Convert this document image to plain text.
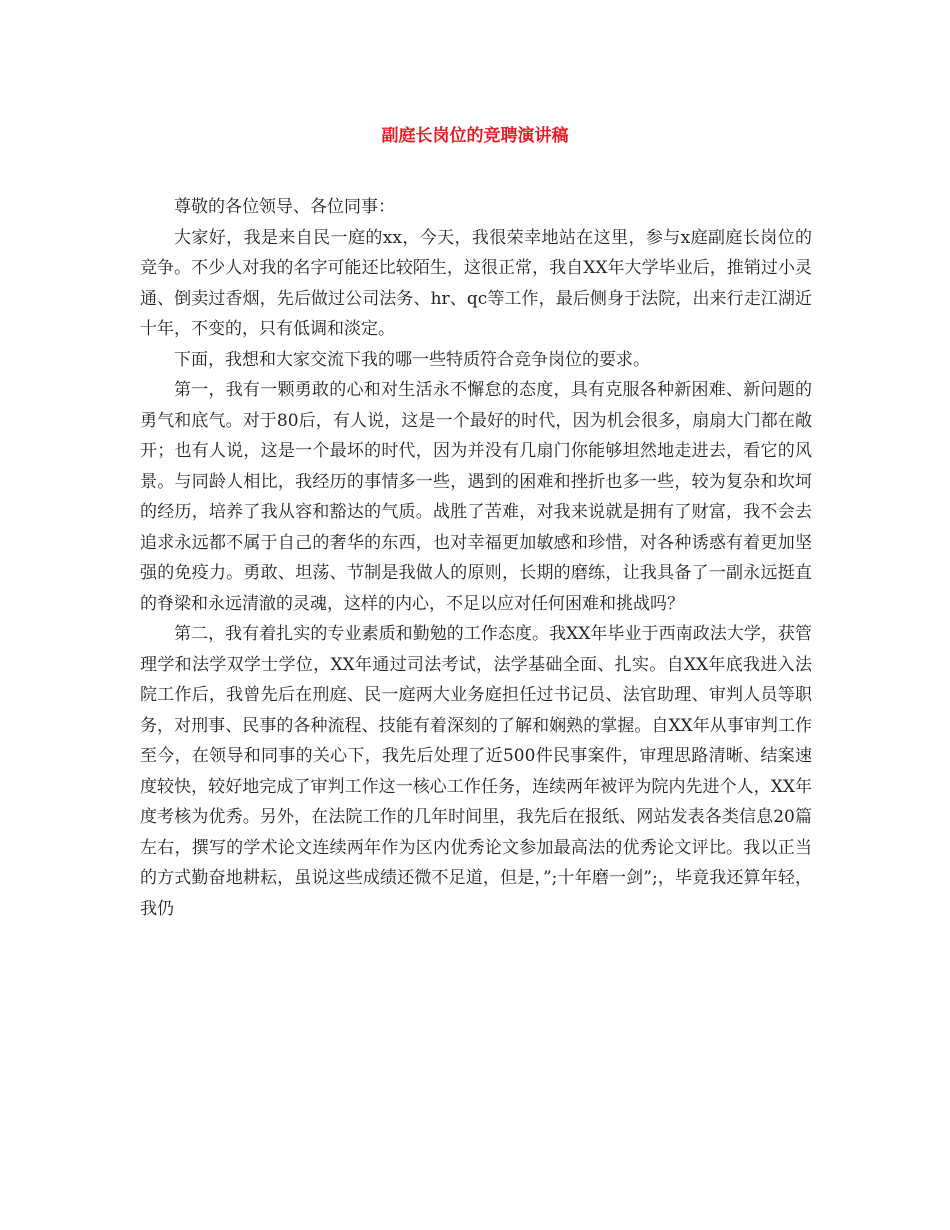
副庭长岗位的竞聘演讲稿

尊敬的各位领导、各位同事：

大家好，我是来自民一庭的xx，今天，我很荣幸地站在这里，参与x庭副庭长岗位的竞争。不少人对我的名字可能还比较陌生，这很正常，我自XX年大学毕业后，推销过小灵通、倒卖过香烟，先后做过公司法务、hr、qc等工作，最后侧身于法院，出来行走江湖近十年，不变的，只有低调和淡定。

下面，我想和大家交流下我的哪一些特质符合竞争岗位的要求。

第一，我有一颗勇敢的心和对生活永不懈怠的态度，具有克服各种新困难、新问题的勇气和底气。对于80后，有人说，这是一个最好的时代，因为机会很多，扇扇大门都在敞开；也有人说，这是一个最坏的时代，因为并没有几扇门你能够坦然地走进去，看它的风景。与同龄人相比，我经历的事情多一些，遇到的困难和挫折也多一些，较为复杂和坎坷的经历，培养了我从容和豁达的气质。战胜了苦难，对我来说就是拥有了财富，我不会去追求永远都不属于自己的奢华的东西，也对幸福更加敏感和珍惜，对各种诱惑有着更加坚强的免疫力。勇敢、坦荡、节制是我做人的原则，长期的磨练，让我具备了一副永远挺直的脊梁和永远清澈的灵魂，这样的内心，不足以应对任何困难和挑战吗？

第二，我有着扎实的专业素质和勤勉的工作态度。我XX年毕业于西南政法大学，获管理学和法学双学士学位，XX年通过司法考试，法学基础全面、扎实。自XX年底我进入法院工作后，我曾先后在刑庭、民一庭两大业务庭担任过书记员、法官助理、审判人员等职务，对刑事、民事的各种流程、技能有着深刻的了解和娴熟的掌握。自XX年从事审判工作至今，在领导和同事的关心下，我先后处理了近500件民事案件，审理思路清晰、结案速度较快，较好地完成了审判工作这一核心工作任务，连续两年被评为院内先进个人，XX年度考核为优秀。另外，在法院工作的几年时间里，我先后在报纸、网站发表各类信息20篇左右，撰写的学术论文连续两年作为区内优秀论文参加最高法的优秀论文评比。我以正当的方式勤奋地耕耘，虽说这些成绩还微不足道，但是，”;十年磨一剑”;，毕竟我还算年轻，我仍
